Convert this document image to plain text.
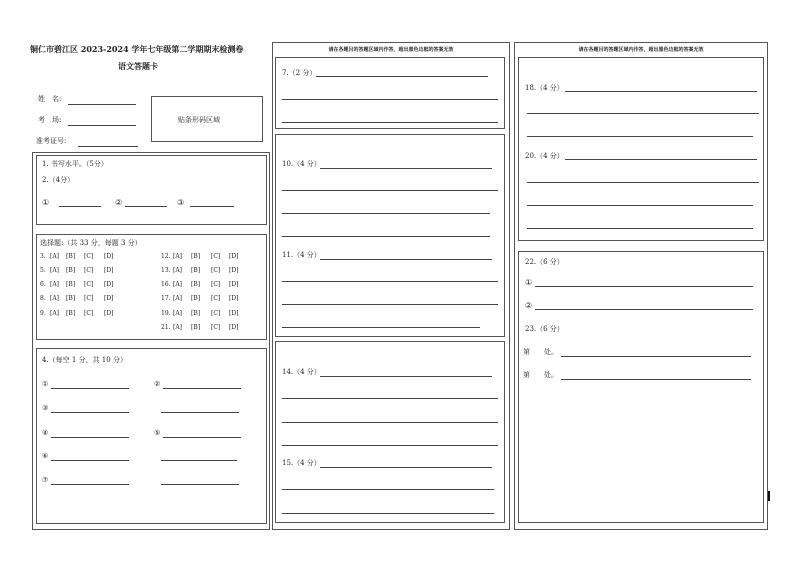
铜仁市碧江区 2023-2024 学年七年级第二学期期末检测卷
语文答题卡
姓　名:
考　场:
准考证号:
贴条形码区域
1. 书写水平。（5分）
2.（4分）
①	②	③
选择题:（共 33 分，每题 3 分）
3. [A] [B] [C] [D]
5. [A] [B] [C] [D]
6. [A] [B] [C] [D]
8. [A] [B] [C] [D]
9. [A] [B] [C] [D]
12. [A] [B] [C] [D]
13. [A] [B] [C] [D]
16. [A] [B] [C] [D]
17. [A] [B] [C] [D]
19. [A] [B] [C] [D]
21. [A] [B] [C] [D]
4.（每空 1 分，共 10 分）
①	②
③
④	⑤
⑥
⑦
请在各题目的答题区域内作答，超出黑色边框的答案无效
7.（2 分）
10.（4 分）
11.（4 分）
14.（4 分）
15.（4 分）
请在各题目的答题区域内作答，超出黑色边框的答案无效
18.（4 分）
20.（4 分）
22.（6 分）
①
②
23.（6 分）
第　　处。
第　　处。
